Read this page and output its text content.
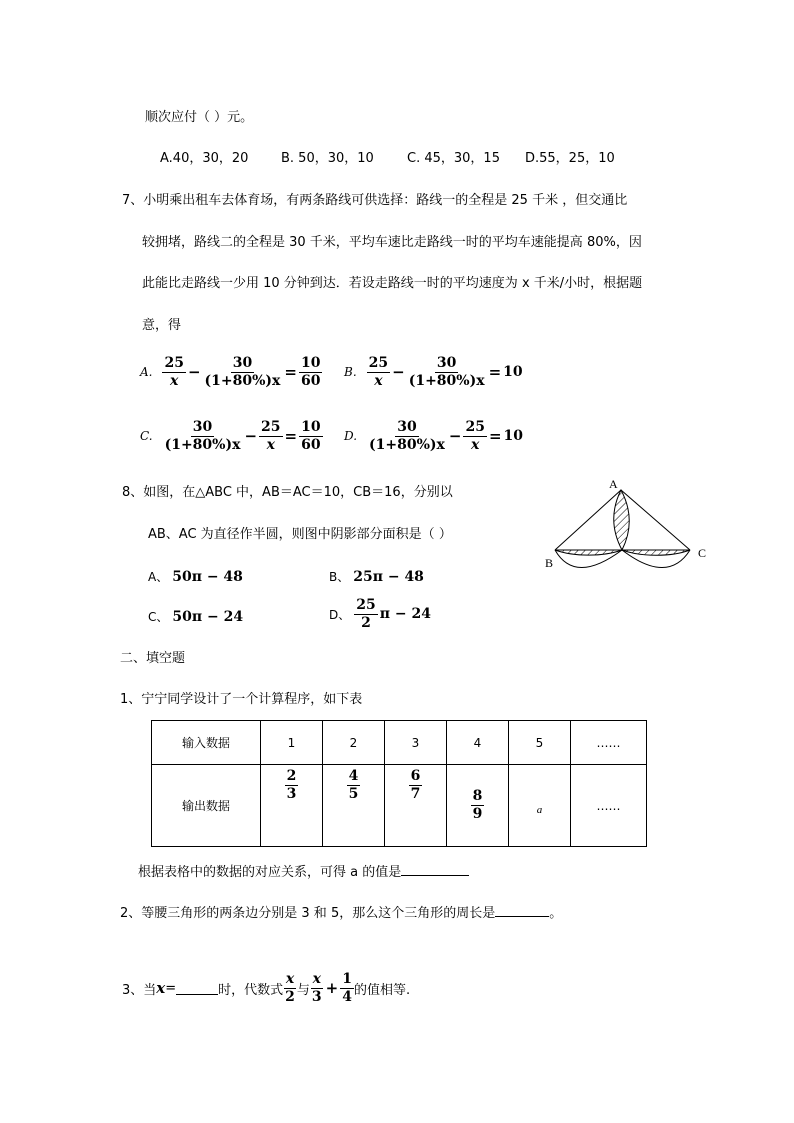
顺次应付（ ）元。
A.40，30，20	B. 50，30，10	C. 45，30，15 D.55，25，10
7、小明乘出租车去体育场，有两条路线可供选择：路线一的全程是 25 千米 ，但交通比
较拥堵，路线二的全程是 30 千米，平均车速比走路线一时的平均车速能提高 80%，因
此能比走路线一少用 10 分钟到达．若设走路线一时的平均速度为 x 千米/小时，根据题
意，得
A. $\frac{25}{x} - \frac{30}{(1+80\%)x} = \frac{10}{60} B$. $\frac{25}{x} - \frac{30}{(1+80\%)x} = 10$
C. $\frac{30}{(1+80\%)x} - \frac{25}{x} = \frac{10}{60} D$. $\frac{30}{(1+80\%)x} - \frac{25}{x} = 10$
8、如图，在△ABC 中，AB＝AC＝10，CB＝16，分别以
AB、AC 为直径作半圆，则图中阴影部分面积是（ ）
A、 50π − 48	B、 25π − 48
C、 50π − 24	D、 $\frac{25}{2}$ π − 24
A
B
C
二、填空题
1、宁宁同学设计了一个计算程序，如下表
输入数据	1	2	3	4	5	……
输出数据	$\frac{2}{3}$	$\frac{4}{5}$	$\frac{6}{7}$	$\frac{8}{9}$	a	……
根据表格中的数据的对应关系，可得 a 的值是
2、等腰三角形的两条边分别是 3 和 5，那么这个三角形的周长是	。
3、当 x =	时，代数式 $\frac{x}{2}$ 与 $\frac{x}{3} + \frac{1}{4}$ 的值相等.
